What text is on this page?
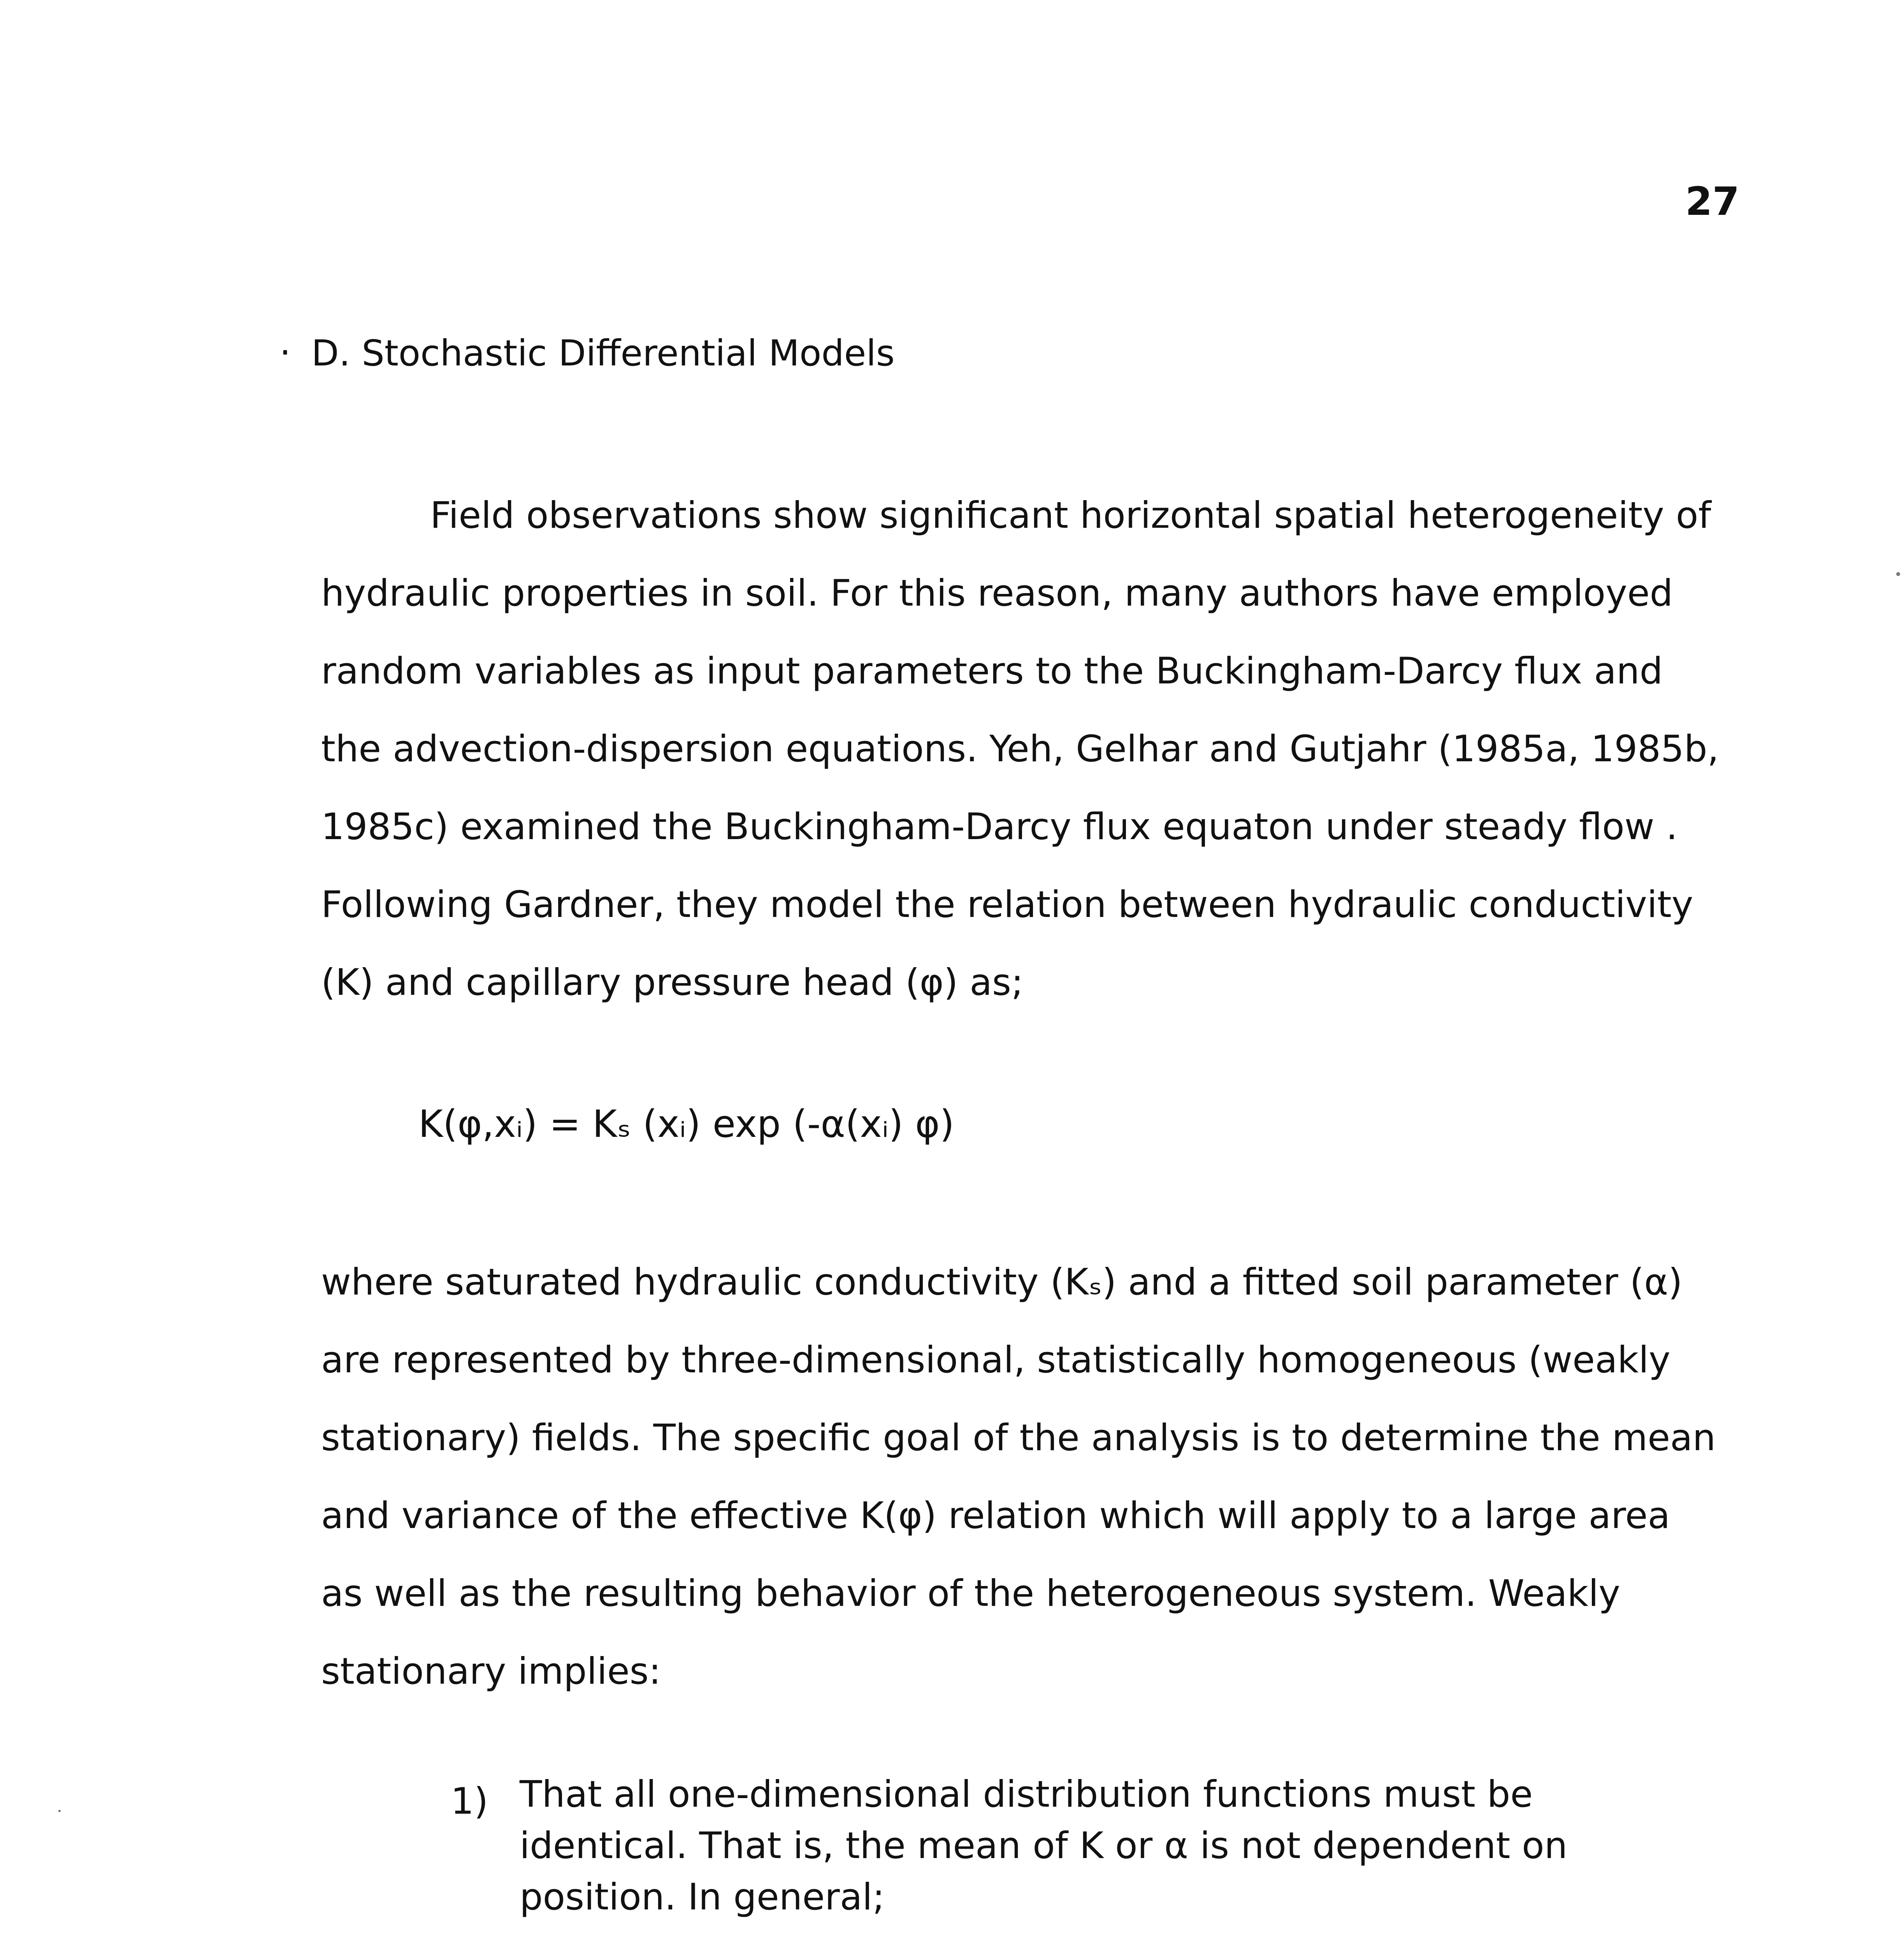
27
· D. Stochastic Differential Models
Field observations show significant horizontal spatial heterogeneity of hydraulic properties in soil. For this reason, many authors have employed random variables as input parameters to the Buckingham-Darcy flux and the advection-dispersion equations. Yeh, Gelhar and Gutjahr (1985a, 1985b, 1985c) examined the Buckingham-Darcy flux equaton under steady flow . Following Gardner, they model the relation between hydraulic conductivity (K) and capillary pressure head (φ) as;
K(φ,xᵢ) = Kₛ (xᵢ) exp (-α(xᵢ) φ)
where saturated hydraulic conductivity (Kₛ) and a fitted soil parameter (α) are represented by three-dimensional, statistically homogeneous (weakly stationary) fields. The specific goal of the analysis is to determine the mean and variance of the effective K(φ) relation which will apply to a large area as well as the resulting behavior of the heterogeneous system. Weakly stationary implies:
1) That all one-dimensional distribution functions must be identical. That is, the mean of K or α is not dependent on position. In general;
